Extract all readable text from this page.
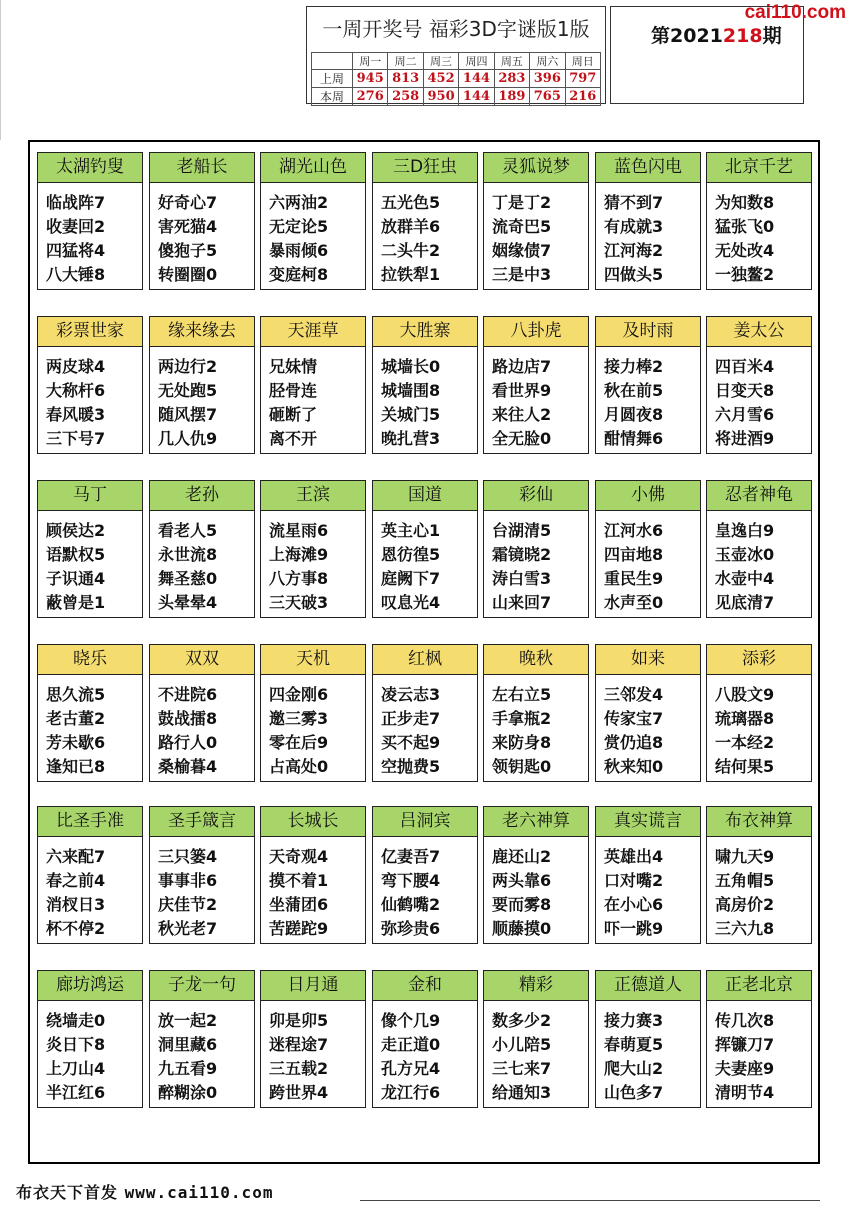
一周开奖号 福彩3D字谜版1版
	周一	周二	周三	周四	周五	周六	周日
上周	945	813	452	144	283	396	797
本周	276	258	950	144	189	765	216
第2021218期
cai110.com
太湖钓叟
临战阵7
收妻回2
四猛将4
八大锤8
老船长
好奇心7
害死猫4
傻狍子5
转圈圈0
湖光山色
六两油2
无定论5
暴雨倾6
变庭柯8
三D狂虫
五光色5
放群羊6
二头牛2
拉铁犁1
灵狐说梦
丁是丁2
流奇巴5
姻缘债7
三是中3
蓝色闪电
猜不到7
有成就3
江河海2
四做头5
北京千艺
为知数8
猛张飞0
无处改4
一独鳌2
彩票世家
两皮球4
大称杆6
春风暖3
三下号7
缘来缘去
两边行2
无处跑5
随风摆7
几人仇9
天涯草
兄妹情
胫骨连
砸断了
离不开
大胜寨
城墙长0
城墙围8
关城门5
晚扎营3
八卦虎
路边店7
看世界9
来往人2
全无脸0
及时雨
接力棒2
秋在前5
月圆夜8
酣情舞6
姜太公
四百米4
日变天8
六月雪6
将进酒9
马丁
顾侯达2
语默权5
子识通4
蔽曾是1
老孙
看老人5
永世流8
舞圣慈0
头晕晕4
王滨
流星雨6
上海滩9
八方事8
三天破3
国道
英主心1
恩彷徨5
庭阙下7
叹息光4
彩仙
台湖清5
霜镜晓2
涛白雪3
山来回7
小佛
江河水6
四亩地8
重民生9
水声至0
忍者神龟
皇逸白9
玉壶冰0
水壶中4
见底清7
晓乐
思久流5
老古董2
芳未歇6
逢知已8
双双
不进院6
鼓战擂8
路行人0
桑榆暮4
天机
四金刚6
邀三雾3
零在后9
占高处0
红枫
凌云志3
正步走7
买不起9
空抛费5
晚秋
左右立5
手拿瓶2
来防身8
领钥匙0
如来
三邻发4
传家宝7
赏仍追8
秋来知0
添彩
八股文9
琉璃器8
一本经2
结何果5
比圣手准
六来配7
春之前4
消杈日3
杯不停2
圣手箴言
三只篓4
事事非6
庆佳节2
秋光老7
长城长
天奇观4
摸不着1
坐蒲团6
苦蹉跎9
吕洞宾
亿妻吾7
弯下腰4
仙鹤嘴2
弥珍贵6
老六神算
鹿还山2
两头靠6
要而雾8
顺藤摸0
真实谎言
英雄出4
口对嘴2
在小心6
吓一跳9
布衣神算
啸九天9
五角帽5
高房价2
三六九8
廊坊鸿运
绕墙走0
炎日下8
上刀山4
半江红6
子龙一句
放一起2
洞里藏6
九五看9
醉糊涂0
日月通
卯是卯5
迷程途7
三五载2
跨世界4
金和
像个几9
走正道0
孔方兄4
龙江行6
精彩
数多少2
小儿陪5
三七来7
给通知3
正德道人
接力赛3
春萌夏5
爬大山2
山色多7
正老北京
传几次8
挥镰刀7
夫妻座9
清明节4
布衣天下首发 www.cai110.com
